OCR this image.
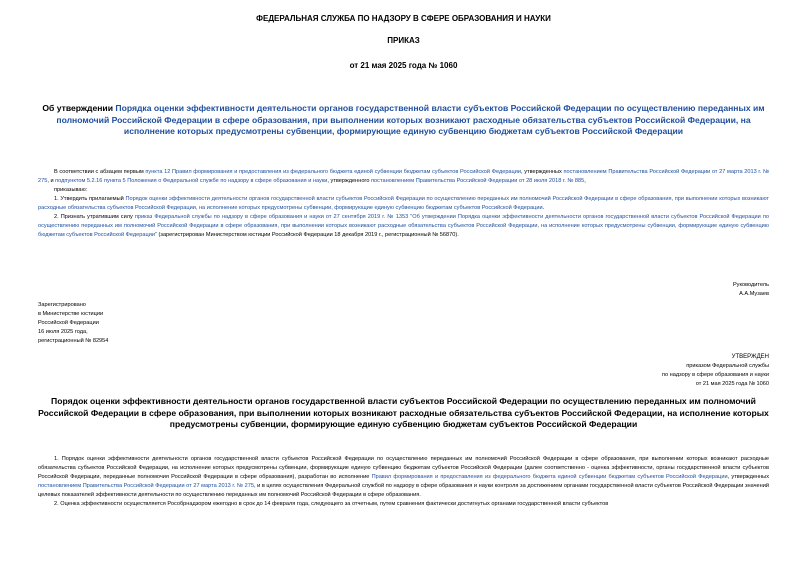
ФЕДЕРАЛЬНАЯ СЛУЖБА ПО НАДЗОРУ В СФЕРЕ ОБРАЗОВАНИЯ И НАУКИ
ПРИКАЗ
от 21 мая 2025 года № 1060
Об утверждении Порядка оценки эффективности деятельности органов государственной власти субъектов Российской Федерации по осуществлению переданных им полномочий Российской Федерации в сфере образования, при выполнении которых возникают расходные обязательства субъектов Российской Федерации, на исполнение которых предусмотрены субвенции, формирующие единую субвенцию бюджетам субъектов Российской Федерации
В соответствии с абзацем первым пункта 12 Правил формирования и предоставления из федерального бюджета единой субвенции бюджетам субъектов Российской Федерации, утвержденных постановлением Правительства Российской Федерации от 27 марта 2013 г. № 275, и подпунктом 5.2.16 пункта 5 Положения о Федеральной службе по надзору в сфере образования и науки, утвержденного постановлением Правительства Российской Федерации от 28 июля 2018 г. № 885,
приказываю:
1. Утвердить прилагаемый Порядок оценки эффективности деятельности органов государственной власти субъектов Российской Федерации по осуществлению переданных им полномочий Российской Федерации в сфере образования, при выполнении которых возникают расходные обязательства субъектов Российской Федерации, на исполнение которых предусмотрены субвенции, формирующие единую субвенцию бюджетам субъектов Российской Федерации.
2. Признать утратившим силу приказ Федеральной службы по надзору в сфере образования и науки от 27 сентября 2019 г. № 1353 "Об утверждении Порядка оценки эффективности деятельности органов государственной власти субъектов Российской Федерации по осуществлению переданных им полномочий Российской Федерации в сфере образования, при выполнении которых возникают расходные обязательства субъектов Российской Федерации, на исполнение которых предусмотрены субвенции, формирующие единую субвенцию бюджетам субъектов Российской Федерации" (зарегистрирован Министерством юстиции Российской Федерации 18 декабря 2019 г., регистрационный № 56870).
Руководитель
А.А.Музаев
Зарегистрировано
в Министерстве юстиции
Российской Федерации
16 июля 2025 года,
регистрационный № 82954
УТВЕРЖДЕН
приказом Федеральной службы
по надзору в сфере образования и науки
от 21 мая 2025 года № 1060
Порядок оценки эффективности деятельности органов государственной власти субъектов Российской Федерации по осуществлению переданных им полномочий Российской Федерации в сфере образования, при выполнении которых возникают расходные обязательства субъектов Российской Федерации, на исполнение которых предусмотрены субвенции, формирующие единую субвенцию бюджетам субъектов Российской Федерации
1. Порядок оценки эффективности деятельности органов государственной власти субъектов Российской Федерации по осуществлению переданных им полномочий Российской Федерации в сфере образования, при выполнении которых возникают расходные обязательства субъектов Российской Федерации, на исполнение которых предусмотрены субвенции, формирующие единую субвенцию бюджетам субъектов Российской Федерации (далее соответственно - оценка эффективности, органы государственной власти субъектов Российской Федерации, переданные полномочия Российской Федерации в сфере образования), разработан во исполнение Правил формирования и предоставления из федерального бюджета единой субвенции бюджетам субъектов Российской Федерации, утвержденных постановлением Правительства Российской Федерации от 27 марта 2013 г. № 275, и в целях осуществления Федеральной службой по надзору в сфере образования и науки контроля за достижением органами государственной власти субъектов Российской Федерации значений целевых показателей эффективности деятельности по осуществлению переданных им полномочий Российской Федерации в сфере образования.
2. Оценка эффективности осуществляется Рособрнадзором ежегодно в срок до 14 февраля года, следующего за отчетным, путем сравнения фактически достигнутых органами государственной власти субъектов
